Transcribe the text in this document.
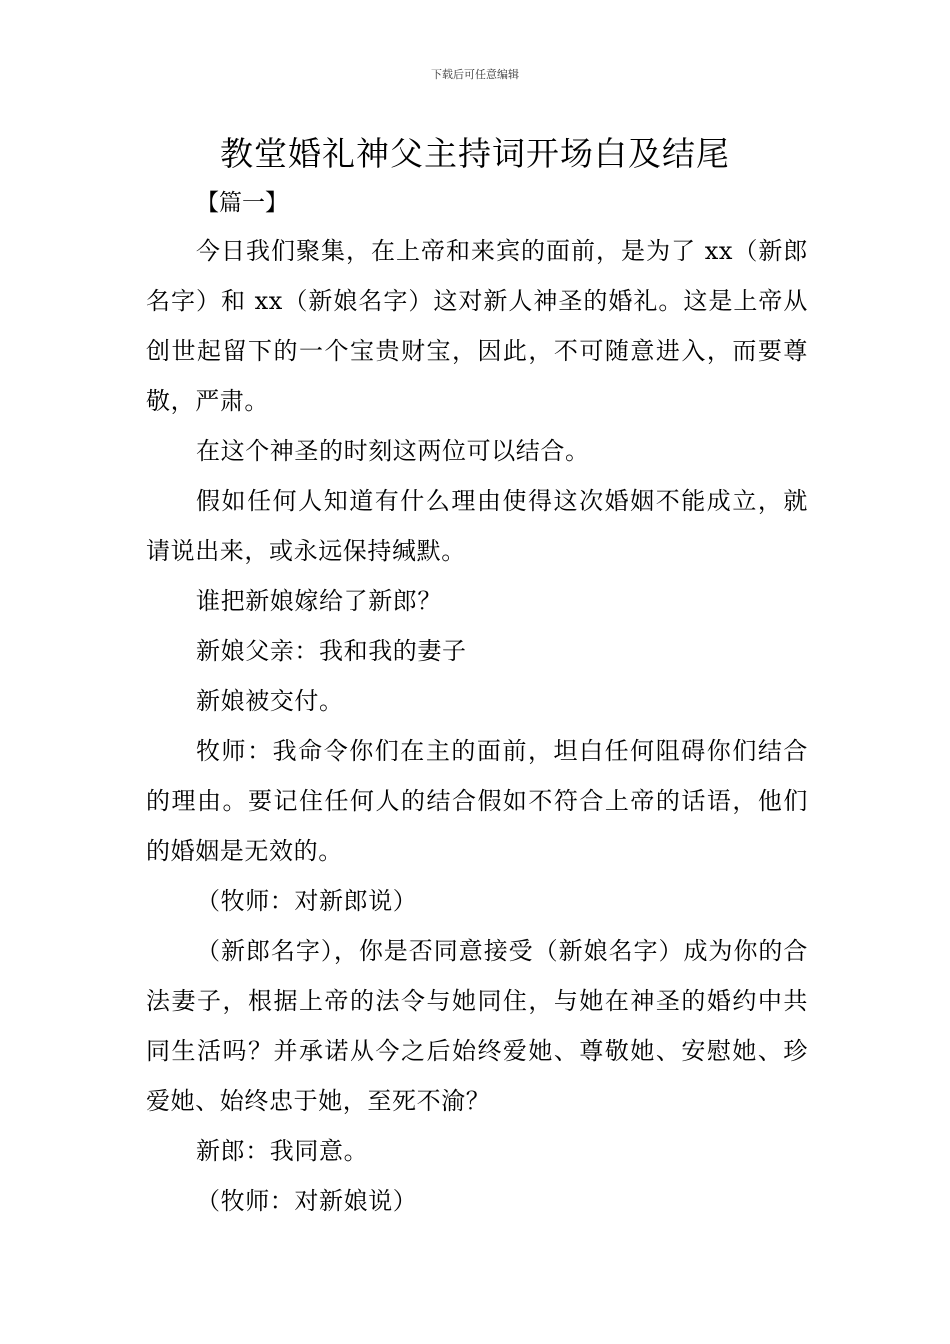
下载后可任意编辑
教堂婚礼神父主持词开场白及结尾
【篇一】

今日我们聚集，在上帝和来宾的面前，是为了 xx（新郎名字）和 xx（新娘名字）这对新人神圣的婚礼。这是上帝从创世起留下的一个宝贵财宝，因此，不可随意进入，而要尊敬，严肃。

在这个神圣的时刻这两位可以结合。

假如任何人知道有什么理由使得这次婚姻不能成立，就请说出来，或永远保持缄默。

谁把新娘嫁给了新郎？

新娘父亲：我和我的妻子

新娘被交付。

牧师：我命令你们在主的面前，坦白任何阻碍你们结合的理由。要记住任何人的结合假如不符合上帝的话语，他们的婚姻是无效的。

（牧师：对新郎说）

（新郎名字），你是否同意接受（新娘名字）成为你的合法妻子，根据上帝的法令与她同住，与她在神圣的婚约中共同生活吗？并承诺从今之后始终爱她、尊敬她、安慰她、珍爱她、始终忠于她，至死不渝？

新郎：我同意。

（牧师：对新娘说）
